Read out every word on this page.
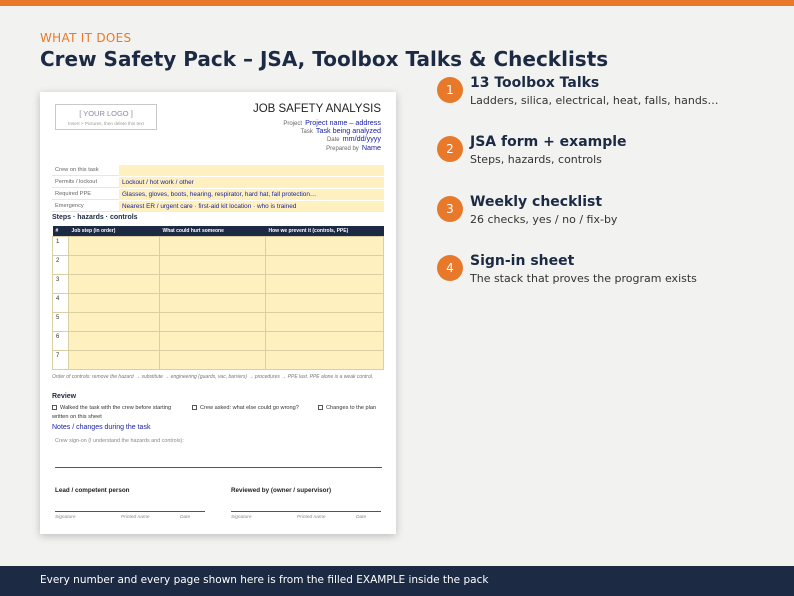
WHAT IT DOES
Crew Safety Pack – JSA, Toolbox Talks & Checklists
[ YOUR LOGO ]
Insert > Pictures, then delete this text
JOB SAFETY ANALYSIS
Project Project name – address
Task Task being analyzed
Date mm/dd/yyyy
Prepared by Name
Crew on this task
Permits / lockout	Lockout / hot work / other
Required PPE	Glasses, gloves, boots, hearing, respirator, hard hat, fall protection…
Emergency	Nearest ER / urgent care · first-aid kit location · who is trained
Steps · hazards · controls
#	Job step (in order)	What could hurt someone	How we prevent it (controls, PPE)
1			
2			
3			
4			
5			
6			
7			
Order of controls: remove the hazard → substitute → engineering (guards, vac, barriers) → procedures → PPE last. PPE alone is a weak control.
Review
Walked the task with the crew before starting	Crew asked: what else could go wrong?	Changes to the plan
written on this sheet
Notes / changes during the task
Crew sign-on (I understand the hazards and controls):
Lead / competent person	Reviewed by (owner / supervisor)
Signature	Printed name	Date	Signature	Printed name	Date
1	13 Toolbox Talks
Ladders, silica, electrical, heat, falls, hands…
2	JSA form + example
Steps, hazards, controls
3	Weekly checklist
26 checks, yes / no / fix-by
4	Sign-in sheet
The stack that proves the program exists
Every number and every page shown here is from the filled EXAMPLE inside the pack
